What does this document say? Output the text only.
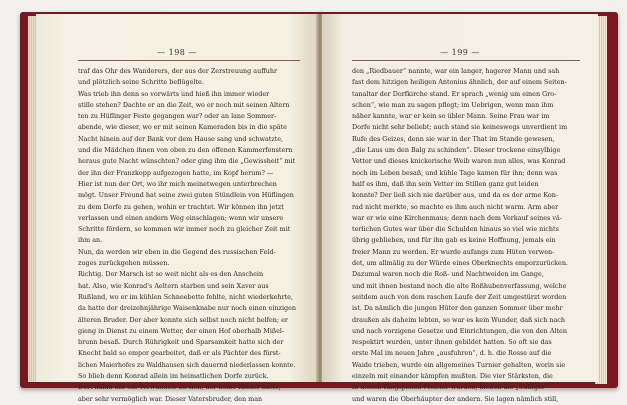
— 198 —
traf das Ohr des Wanderers, der aus der Zerstreuung auffuhr
und plötzlich seine Schritte beflügelte.
Was trieb ihn denn so vorwärts und hieß ihn immer wieder
stille stehen? Dachte er an die Zeit, wo er noch mit seinen Altern
ten zu Hüflinger Feste gegangen war? oder an lane Sommer-
abende, wie dieser, wo er mit seinen Kameraden bis in die späte
Nacht hinein auf der Bank vor dem Hause sang und schwatzte,
und die Mädchen ihnen von oben zu den offenen Kammerfenstern
heraus gute Nacht wünschten? oder ging ihm die „Gewissheit“ mit
der ihn der Franzkopp aufgezogen hatte, im Kopf herum? —
Hier ist nun der Ort, wo ihr mich meinetwegen unterbrechen
mögt. Unser Freund hat seine zwei guten Stündlein von Hüflingen
zu dem Dorfe zu gehen, wohin er trachtet. Wir können ihn jetzt
verlassen und einen andern Weg einschlagen; wenn wir unsere
Schritte fördern, so kommen wir immer noch zu gleicher Zeit mit
ihm an.
Nun, da werden wir eben in die Gegend des russischen Feld-
zuges zurückgehen müssen.
Richtig. Der Marsch ist so weit nicht als es den Anschein
hat. Also, wie Konrad's Aeltern starben und sein Xaver aus
Rußland, wo er im kühlen Schneebette fehlte, nicht wiederkehrte,
da hatte der dreizehnjährige Waisenknabe nur noch einen einzigen
älteren Bruder. Der aber konnte sich selbst noch nicht helfen; er
gieng in Dienst zu einem Wetter, der einen Hof oberhalb Mißel-
brunn besaß. Durch Rührigkeit und Sparsamkeit hatte sich der
Knecht bald so empor gearbeitet, daß er als Pächter des fürst-
lichen Maierhofes zu Waldhausen sich dauernd niederlassen konnte.
So blieb denn Konrad allein im heimatlichen Dorfe zurück.
Dort nahm ihn ein Verwandter zu sich, der keine Kinder hatte,
aber sehr vermöglich war. Dieser Vatersbruder, den man
— 199 —
den „Riedbauer“ nannte, war ein langer, hagerer Mann und sah
fast dem hitzigen heiligen Antonius ähnlich, der auf einem Seiten-
tanaltar der Dorfkirche stand. Er sprach „wenig um einen Gro-
schen“, wie man zu sagen pflegt; im Uebrigen, wenn man ihm
näher kannte, war er kein so übler Mann. Seine Frau war im
Dorfe nicht sehr beliebt; auch stand sie keineswegs unverdient im
Rufe des Geizes, denn sie war in der That im Stande gewesen,
„die Laus um den Balg zu schinden“. Dieser trockene einsylbige
Vetter und dieses knickerische Weib waren nun alles, was Konrad
noch im Leben besaß, und kühle Tage kamen für ihn; denn was
half es ihm, daß ihn sein Vetter im Stillen ganz gut leiden
konnte? Der ließ sich nie darüber aus, und da es der arme Kon-
rad nicht merkte, so machte es ihm auch nicht warm. Arm aber
war er wie eine Kirchenmaus; denn nach dem Verkauf seines vä-
terlichen Gutes war über die Schulden hinaus so viel wie nichts
übrig geblieben, und für ihn gab es keine Hoffnung, jemals ein
freier Mann zu werden. Er wurde aufangs zum Hüten verwen-
det, um allmälig zu der Würde eines Oberknechts emporzurücken.
Dazumal waren noch die Roß- und Nachtweiden im Gange,
und mit ihnen bestand noch die alte Roßhubenverfassung, welche
seitdem auch von dem raschen Laufe der Zeit umgestürzt worden
ist. Da nämlich die jungen Hüter den ganzen Sommer über mehr
draußen als daheim lebten, so war es kein Wunder, daß sich nach
und nach vorzigene Gesetze und Einrichtungen, die von den Alten
respektirt wurden, unter ihnen gebildet hatten. So oft sie das
erste Mal im neuen Jahre „ausfuhren“, d. h. die Rosse auf die
Waide trieben, wurde ein allgemeines Turnier gehalten, worin sie
einzeln mit einander kämpfen mußten. Die vier Stärksten, die
in diesen Ringspielen Meister wurden, hießen die „Stilliger“
und waren die Oberhäupter der andern. Sie lagen nämlich still,
